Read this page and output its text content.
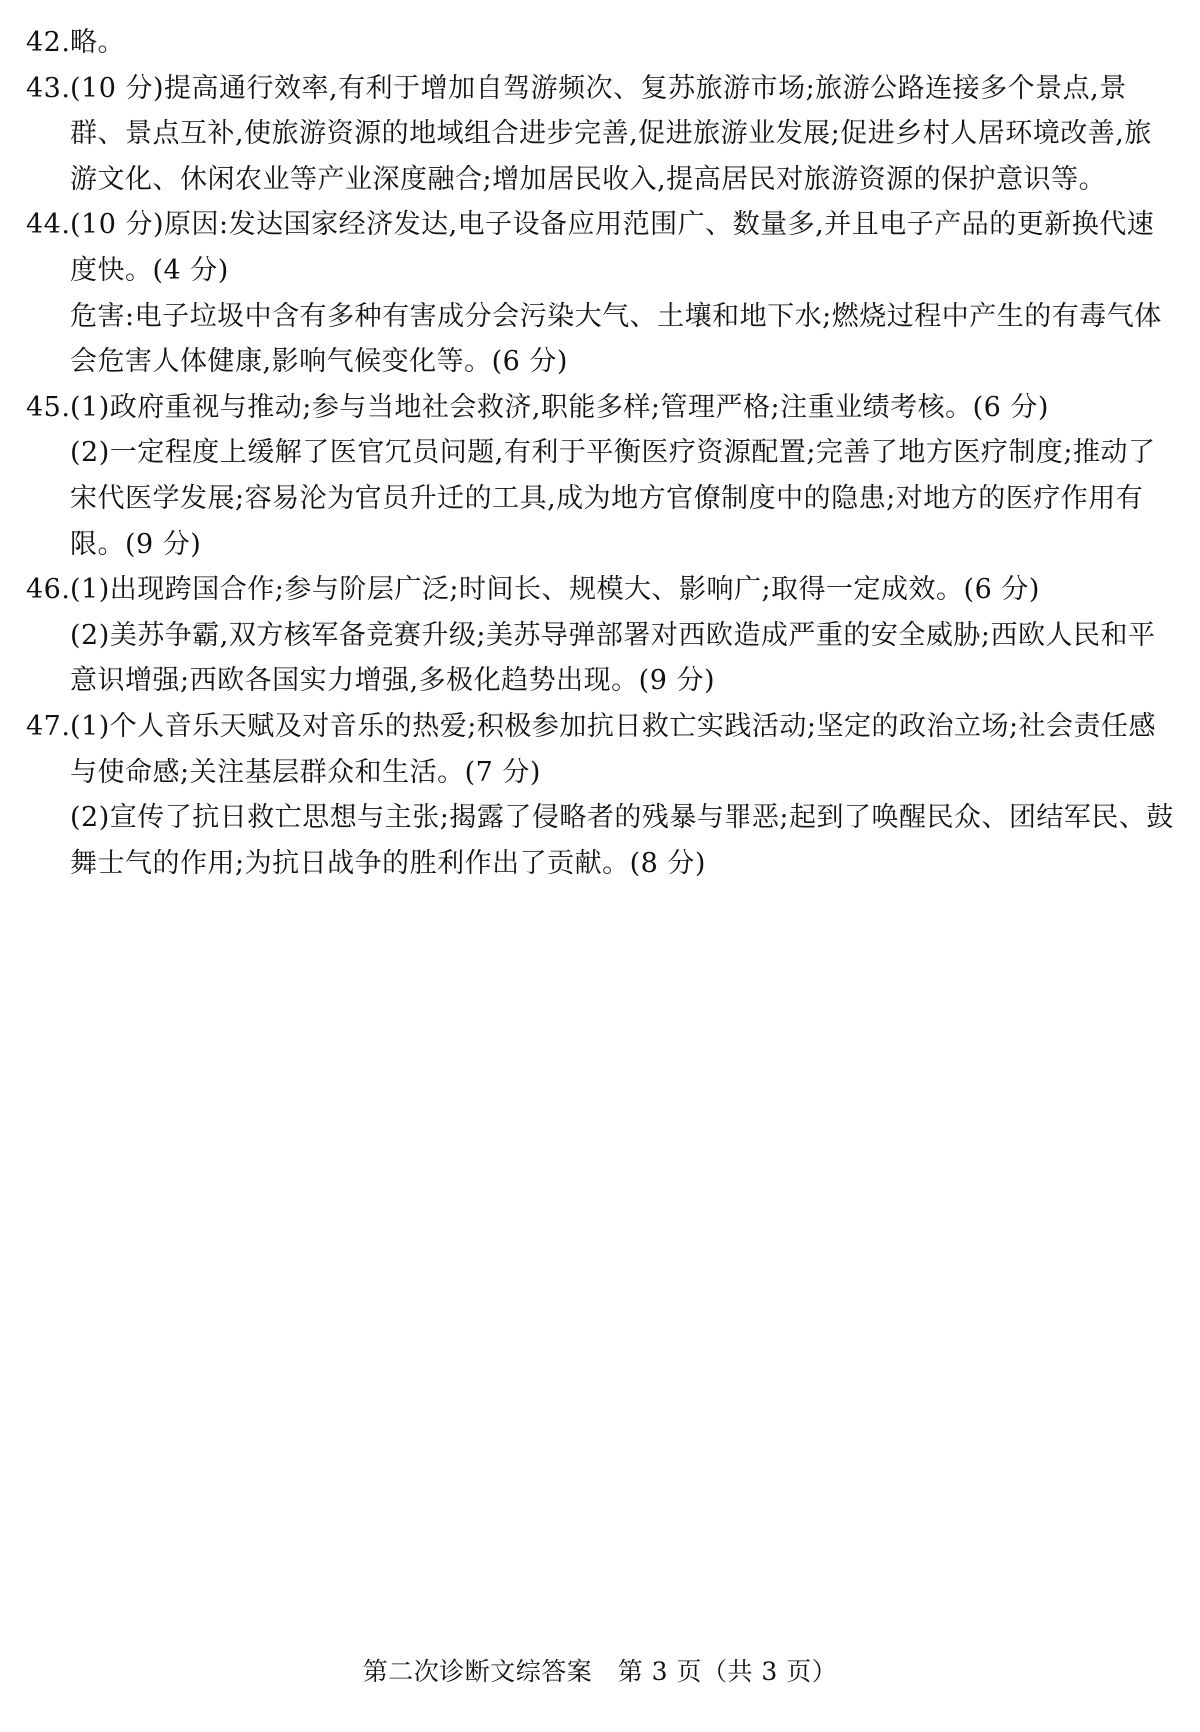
42.略。

43.(10 分)提高通行效率,有利于增加自驾游频次、复苏旅游市场;旅游公路连接多个景点,景群、景点互补,使旅游资源的地域组合进步完善,促进旅游业发展;促进乡村人居环境改善,旅游文化、休闲农业等产业深度融合;增加居民收入,提高居民对旅游资源的保护意识等。

44.(10 分)原因:发达国家经济发达,电子设备应用范围广、数量多,并且电子产品的更新换代速度快。(4 分)

危害:电子垃圾中含有多种有害成分会污染大气、土壤和地下水;燃烧过程中产生的有毒气体会危害人体健康,影响气候变化等。(6 分)

45.(1)政府重视与推动;参与当地社会救济,职能多样;管理严格;注重业绩考核。(6 分)

(2)一定程度上缓解了医官冗员问题,有利于平衡医疗资源配置;完善了地方医疗制度;推动了宋代医学发展;容易沦为官员升迁的工具,成为地方官僚制度中的隐患;对地方的医疗作用有限。(9 分)

46.(1)出现跨国合作;参与阶层广泛;时间长、规模大、影响广;取得一定成效。(6 分)

(2)美苏争霸,双方核军备竞赛升级;美苏导弹部署对西欧造成严重的安全威胁;西欧人民和平意识增强;西欧各国实力增强,多极化趋势出现。(9 分)

47.(1)个人音乐天赋及对音乐的热爱;积极参加抗日救亡实践活动;坚定的政治立场;社会责任感与使命感;关注基层群众和生活。(7 分)

(2)宣传了抗日救亡思想与主张;揭露了侵略者的残暴与罪恶;起到了唤醒民众、团结军民、鼓舞士气的作用;为抗日战争的胜利作出了贡献。(8 分)

第二次诊断文综答案　第 3 页（共 3 页）
